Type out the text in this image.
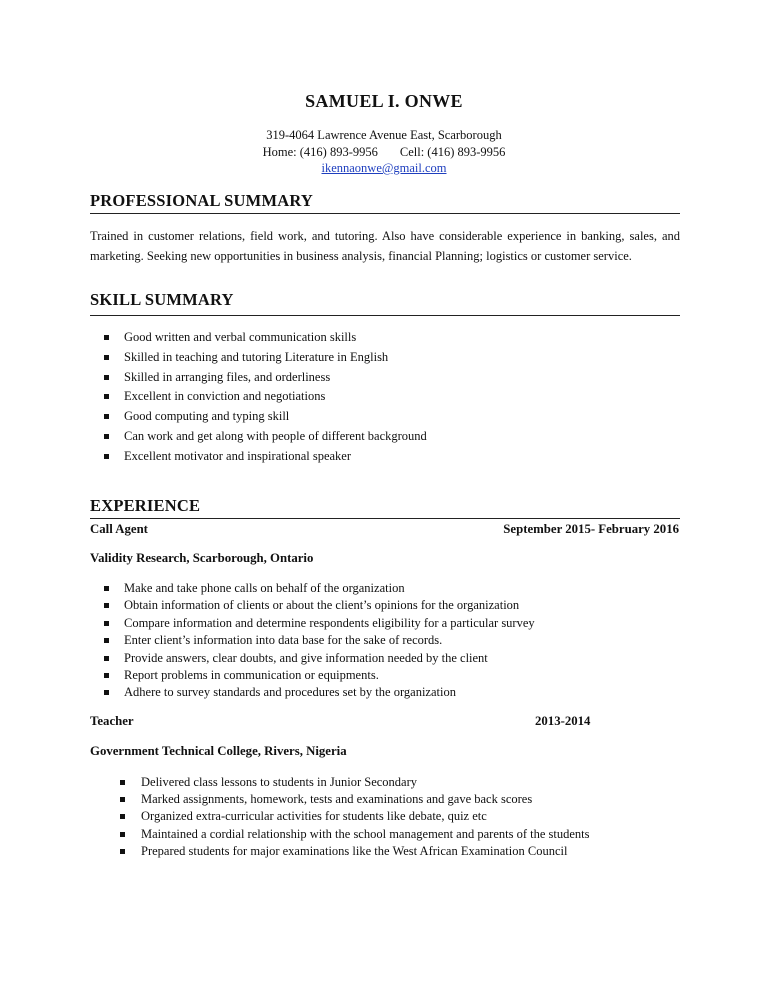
SAMUEL I. ONWE
319-4064 Lawrence Avenue East, Scarborough
Home: (416) 893-9956 Cell: (416) 893-9956
ikennaonwe@gmail.com
PROFESSIONAL SUMMARY
Trained in customer relations, field work, and tutoring. Also have considerable experience in banking, sales, and marketing. Seeking new opportunities in business analysis, financial Planning; logistics or customer service.
SKILL SUMMARY
Good written and verbal communication skills
Skilled in teaching and tutoring Literature in English
Skilled in arranging files, and orderliness
Excellent in conviction and negotiations
Good computing and typing skill
Can work and get along with people of different background
Excellent motivator and inspirational speaker
EXPERIENCE
Call Agent	September 2015- February 2016
Validity Research, Scarborough, Ontario
Make and take phone calls on behalf of the organization
Obtain information of clients or about the client’s opinions for the organization
Compare information and determine respondents eligibility for a particular survey
Enter client’s information into data base for the sake of records.
Provide answers, clear doubts, and give information needed by the client
Report problems in communication or equipments.
Adhere to survey standards and procedures set by the organization
Teacher	2013-2014
Government Technical College, Rivers, Nigeria
Delivered class lessons to students in Junior Secondary
Marked assignments, homework, tests and examinations and gave back scores
Organized extra-curricular activities for students like debate, quiz etc
Maintained a cordial relationship with the school management and parents of the students
Prepared students for major examinations like the West African Examination Council
